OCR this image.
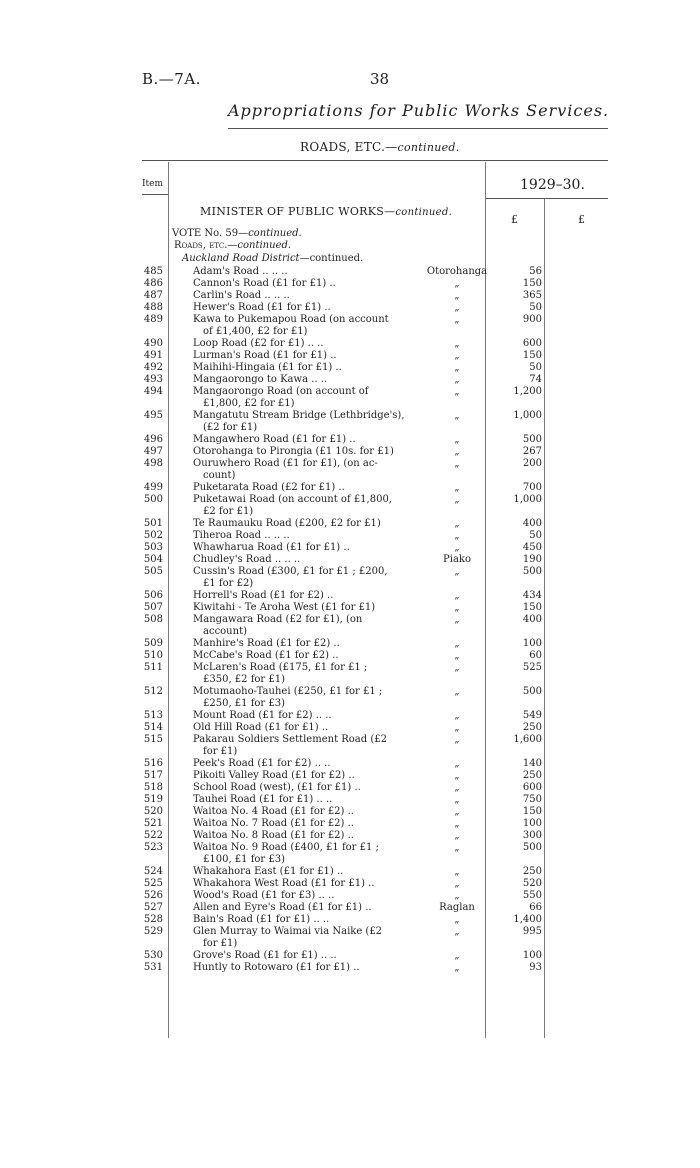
B.—7A.	38
Appropriations for Public Works Services.
ROADS, ETC.—continued.
Item	1929–30.
£	£
MINISTER OF PUBLIC WORKS—continued.
VOTE No. 59—continued.
Roads, etc.—continued.
Auckland Road District—continued.
485	Adam's Road .. .. ..	Otorohanga	56
486	Cannon's Road (£1 for £1) ..	„	150
487	Carlin's Road .. .. ..	„	365
488	Hewer's Road (£1 for £1) ..	„	50
489	Kawa to Pukemapou Road (on account	„	900
of £1,400, £2 for £1)
490	Loop Road (£2 for £1) .. ..	„	600
491	Lurman's Road (£1 for £1) ..	„	150
492	Maihihi-Hingaia (£1 for £1) ..	„	50
493	Mangaorongo to Kawa .. ..	„	74
494	Mangaorongo Road (on account of	„	1,200
£1,800, £2 for £1)
495	Mangatutu Stream Bridge (Lethbridge's),	„	1,000
(£2 for £1)
496	Mangawhero Road (£1 for £1) ..	„	500
497	Otorohanga to Pirongia (£1 10s. for £1)	„	267
498	Ouruwhero Road (£1 for £1), (on ac-	„	200
count)
499	Puketarata Road (£2 for £1) ..	„	700
500	Puketawai Road (on account of £1,800,	„	1,000
£2 for £1)
501	Te Raumauku Road (£200, £2 for £1)	„	400
502	Tiheroa Road .. .. ..	„	50
503	Whawharua Road (£1 for £1) ..	„	450
504	Chudley's Road .. .. ..	Piako	190
505	Cussin's Road (£300, £1 for £1 ; £200,	„	500
£1 for £2)
506	Horrell's Road (£1 for £2) ..	„	434
507	Kiwitahi - Te Aroha West (£1 for £1)	„	150
508	Mangawara Road (£2 for £1), (on	„	400
account)
509	Manhire's Road (£1 for £2) ..	„	100
510	McCabe's Road (£1 for £2) ..	„	60
511	McLaren's Road (£175, £1 for £1 ;	„	525
£350, £2 for £1)
512	Motumaoho-Tauhei (£250, £1 for £1 ;	„	500
£250, £1 for £3)
513	Mount Road (£1 for £2) .. ..	„	549
514	Old Hill Road (£1 for £1) ..	„	250
515	Pakarau Soldiers Settlement Road (£2	„	1,600
for £1)
516	Peek's Road (£1 for £2) .. ..	„	140
517	Pikoiti Valley Road (£1 for £2) ..	„	250
518	School Road (west), (£1 for £1) ..	„	600
519	Tauhei Road (£1 for £1) .. ..	„	750
520	Waitoa No. 4 Road (£1 for £2) ..	„	150
521	Waitoa No. 7 Road (£1 for £2) ..	„	100
522	Waitoa No. 8 Road (£1 for £2) ..	„	300
523	Waitoa No. 9 Road (£400, £1 for £1 ;	„	500
£100, £1 for £3)
524	Whakahora East (£1 for £1) ..	„	250
525	Whakahora West Road (£1 for £1) ..	„	520
526	Wood's Road (£1 for £3) .. ..	„	550
527	Allen and Eyre's Road (£1 for £1) ..	Raglan	66
528	Bain's Road (£1 for £1) .. ..	„	1,400
529	Glen Murray to Waimai via Naike (£2	„	995
for £1)
530	Grove's Road (£1 for £1) .. ..	„	100
531	Huntly to Rotowaro (£1 for £1) ..	„	93
